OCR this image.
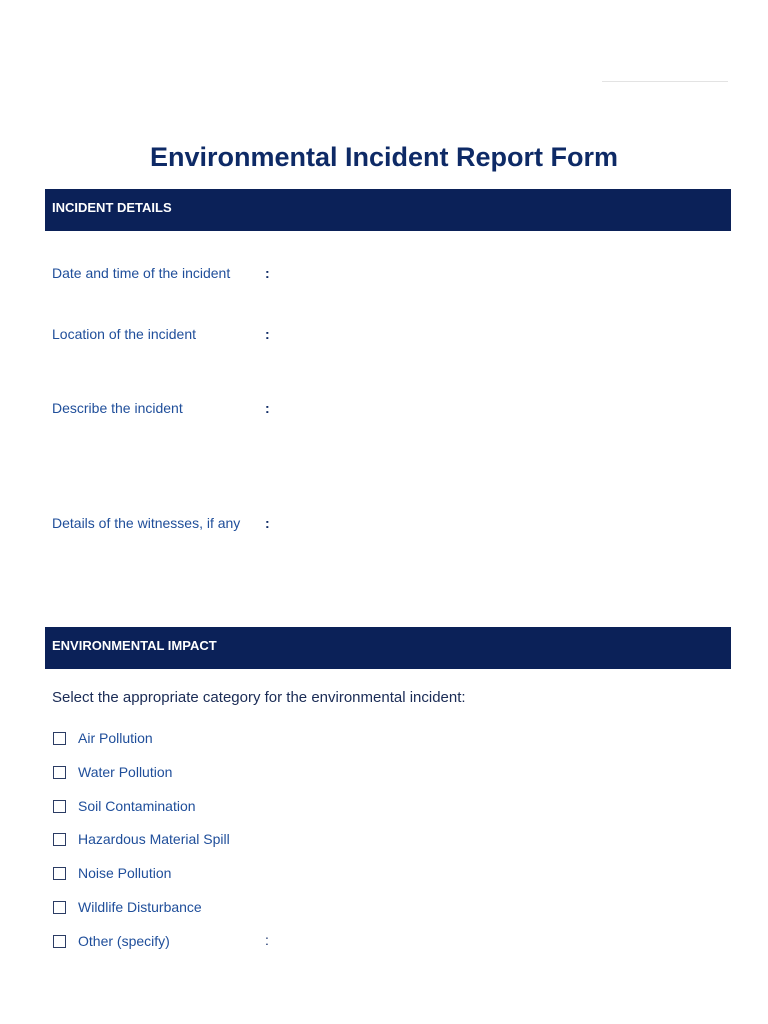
Environmental Incident Report Form
INCIDENT DETAILS
Date and time of the incident :
Location of the incident	:
Describe the incident	:
Details of the witnesses, if any :
ENVIRONMENTAL IMPACT
Select the appropriate category for the environmental incident:
Air Pollution
Water Pollution
Soil Contamination
Hazardous Material Spill
Noise Pollution
Wildlife Disturbance
Other (specify)	:
